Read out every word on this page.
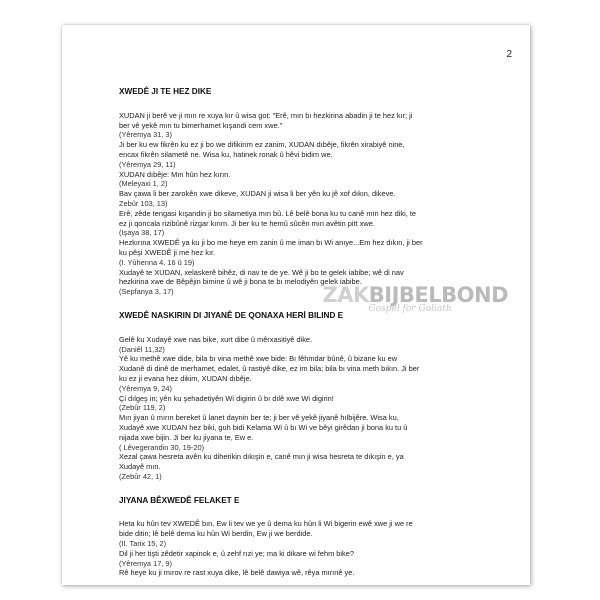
2
ZAKBIJBELBOND
Gospel for Goliath
XWEDÊ JI TE HEZ DIKE
XUDAN ji berê ve ji mın re xuya kır û wisa got: "Erê, mın bı hezkirina abadin ji te hez kır; ji
ber vê yekê mın tu bimerhamet kışandi cem xwe."
(Yêremya 31, 3)
Ji ber ku ew fikrên ku ez ji bo we difikirım ez zanim, XUDAN dıbêje, fikrên xirabiyê nine,
encax fikrên silametê ne. Wisa ku, hatinek ronak û hêvi bidim we.
(Yêremya 29, 11)
XUDAN dıbêje: Mın hûn hez kırın.
(Meleyaxi 1, 2)
Bav çawa li ber zarokên xwe dikeve, XUDAN ji wisa li ber yên ku jê xof dıkın, dikeve.
Zebûr 103, 13)
Erê, zêde tengasi kışandin ji bo silametiya mın bû. Lê belê bona ku tu canê mın hez diki, te
ez ji qoncala rizibûnê rizgar kırım. Ji ber ku te hemû sûcên mın avêtin pitt xwe.
(Işaya 38, 17)
Hezkırına XWEDÊ ya ku ji bo me heye em zanin û me iman bı Wi anıye...Em hez dıkın, ji ber
ku pêşi XWEDÊ ji me hez kır.
(I. Yûhenna 4, 16 û 19)
Xudayê te XUDAN, xelaskerê bihêz, di nav te de ye. Wê ji bo te gelek iabibe; wê di nav
hezkirina xwe de Bêpêjin bimine û wê ji bona te bı melodiyên gelek iabibe.
(Sepfanya 3, 17)
XWEDÊ NASKIRIN DI JIYANÊ DE QONAXA HERİ BILIND E
Gelê ku Xudayê xwe nas bike, xurt dibe û mêrxasitiyê dike.
(Daniêl 11,32)
Yê ku methê xwe dide, bila bı vina methê xwe bide: Bı fêhmdar bûnê, û bizane ku ew
Xudanê di dinê de merhamet, edalet, û rastiyê dike, ez im bila; bila bı vina meth bıkın. Ji ber
ku ez ji evana hez dikim, XUDAN dıbêje.
(Yêremya 9, 24)
Çi dılgeş in; yên ku şehadetiyên Wi digirin û bı dılê xwe Wi digirin!
(Zebûr 119, 2)
Mın jiyan û mırın bereket û lanet daynin ber te; ji ber vê yekê jiyanê hılbijêre. Wisa ku,
Xudayê xwe XUDAN hez biki, guh bidi Kelama Wi û bı Wi ve bêyi girêdan ji bona ku tu û
nijada xwe bijin. Ji ber ku jiyana te, Ew e.
( Lêvegerandin 30, 19-20)
Xezal çawa hesreta avên ku diherikin dıkışin e, canê mın ji wisa hesreta te dıkışin e, ya
Xudayê mın.
(Zebûr 42, 1)
JIYANA BÊXWEDÊ FELAKET E
Heta ku hûn tev XWEDÊ bın, Ew li tev we ye û dema ku hûn li Wi bigerin ewê xwe ji we re
bide ditin; lê belê dema ku hûn Wi berdin, Ew ji we berdide.
(II. Tarix 15, 2)
Dil ji her tişti zêdetir xapinok e, û zehf rızi ye; ma ki dikare wi fehm bike?
(Yêremya 17, 9)
Rê heye ku ji mırov re rast xuya dike, lê belê dawiya wê, rêya mırınê ye.
